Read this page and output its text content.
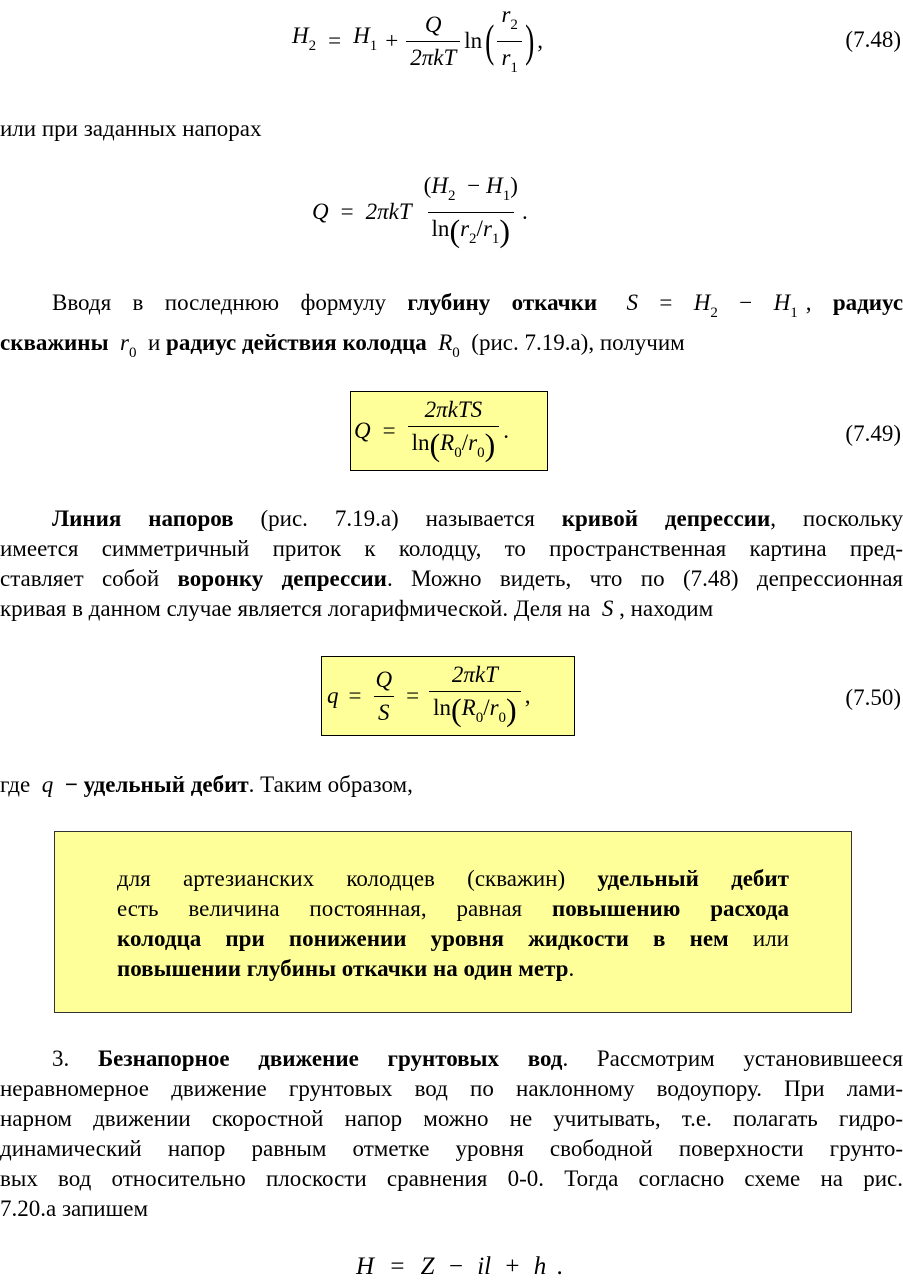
$H_2 = H_1 + \frac{Q}{\text{2πkT}}$ ln ( $\frac{r_2}{r_1}$ ) ,	(7.48)
или при заданных напорах
$Q = 2\pi kT \frac{(H_2 - H_1)}{\ln(r_2/r_1)}$ .
Вводя в последнюю формулу глубину откачки $S = H_2 - H_1$ , радиус
скважины $r_0$ и радиус действия колодца $R_0$ (рис. 7.19.а), получим
$Q = \frac{\text{2πkTS}}{\ln(R_0/r_0)}$ .	(7.49)
Линия напоров (рис. 7.19.а) называется кривой депрессии, поскольку
имеется симметричный приток к колодцу, то пространственная картина пред-
ставляет собой воронку депрессии. Можно видеть, что по (7.48) депрессионная
кривая в данном случае является логарифмической. Деля на S , находим
$q = \frac{Q}{S} = \frac{\text{2πkT}}{\ln(R_0/r_0)}$ ,	(7.50)
где q − удельный дебит. Таким образом,
для артезианских колодцев (скважин) удельный дебит
есть величина постоянная, равная повышению расхода
колодца при понижении уровня жидкости в нем или
повышении глубины откачки на один метр.
3. Безнапорное движение грунтовых вод. Рассмотрим установившееся
неравномерное движение грунтовых вод по наклонному водоупору. При лами-
нарном движении скоростной напор можно не учитывать, т.е. полагать гидро-
динамический напор равным отметке уровня свободной поверхности грунто-
вых вод относительно плоскости сравнения 0-0. Тогда согласно схеме на рис.
7.20.а запишем
H = Z − il + h .
